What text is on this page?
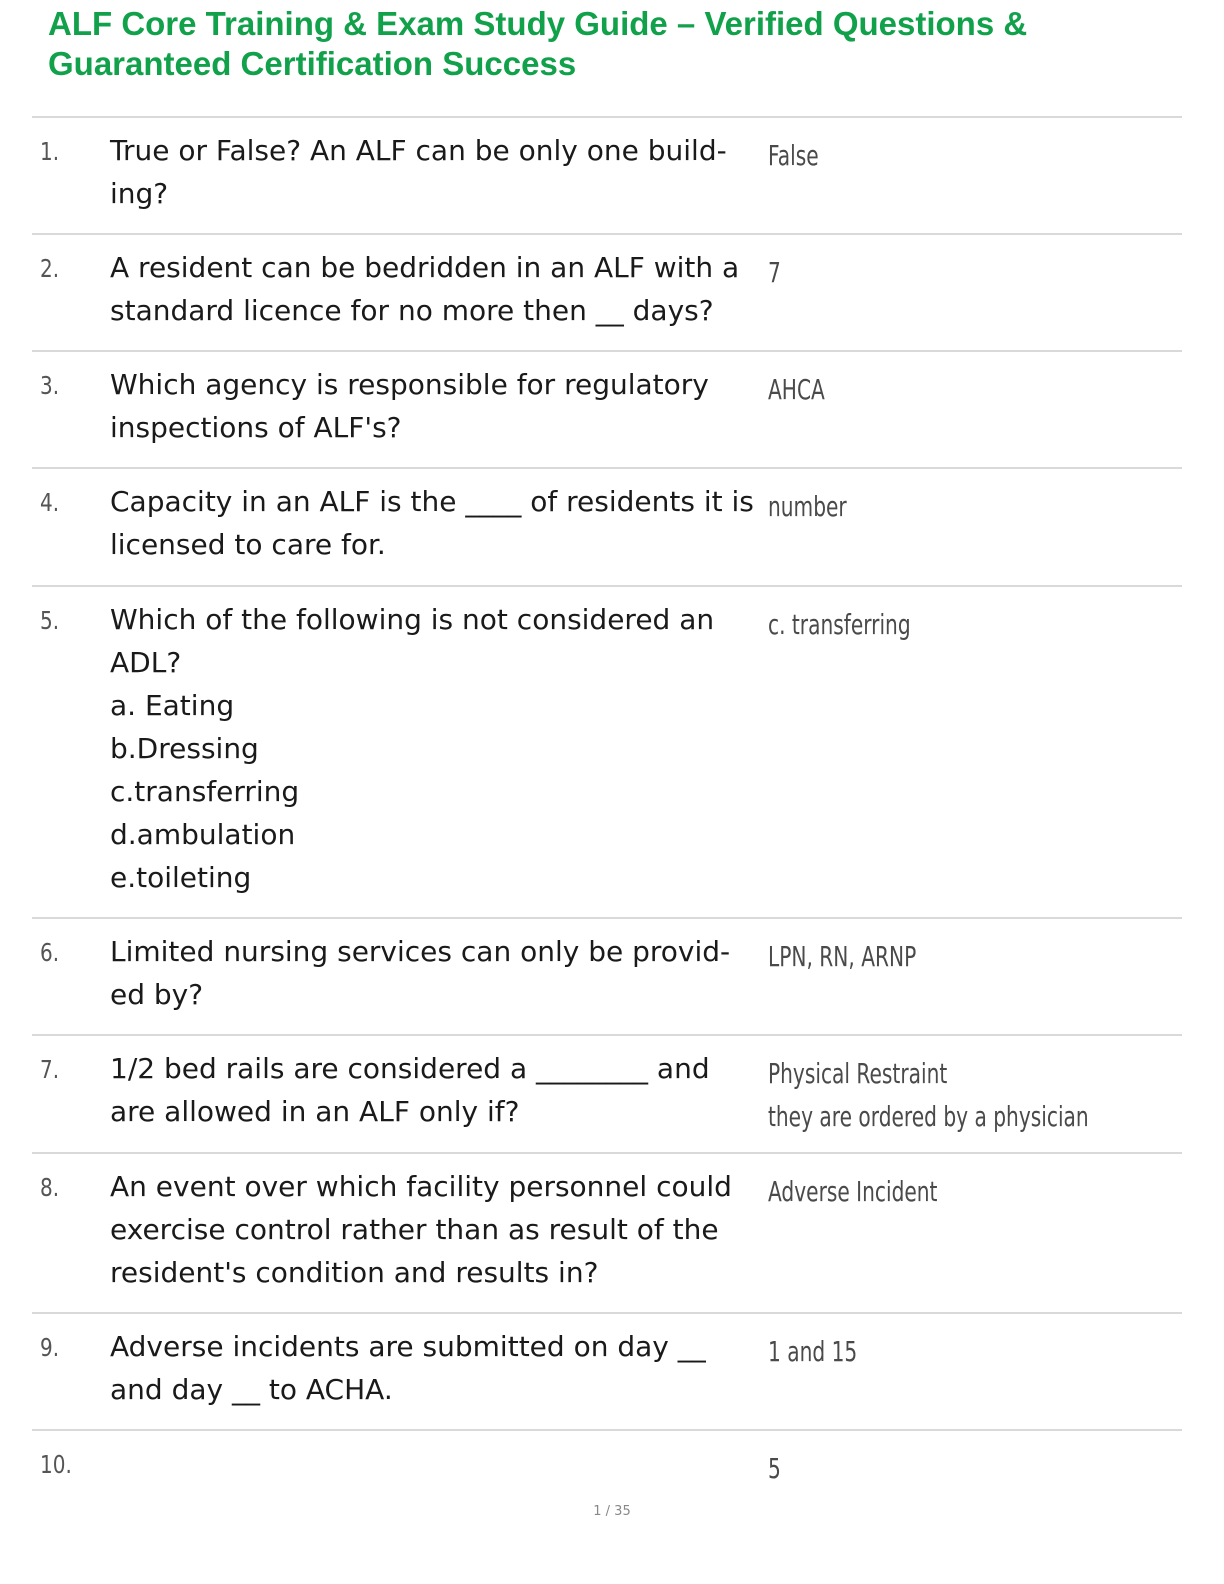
ALF Core Training & Exam Study Guide – Verified Questions & Guaranteed Certification Success
1. True or False? An ALF can be only one build- ing?

False
2. A resident can be bedridden in an ALF with a standard licence for no more then __ days?

7
3. Which agency is responsible for regulatory inspections of ALF's?

AHCA
4. Capacity in an ALF is the ____ of residents it is licensed to care for.

number
5. Which of the following is not considered an ADL?
a. Eating
b.Dressing
c.transferring
d.ambulation
e.toileting
c. transferring
6. Limited nursing services can only be provid- ed by?

LPN, RN, ARNP
7. 1/2 bed rails are considered a ________ and are allowed in an ALF only if?

Physical Restraint
they are ordered by a physician
8. An event over which facility personnel could exercise control rather than as result of the resident's condition and results in?

Adverse Incident
9. Adverse incidents are submitted on day __ and day __ to ACHA.

1 and 15
10.	5
1 / 35
